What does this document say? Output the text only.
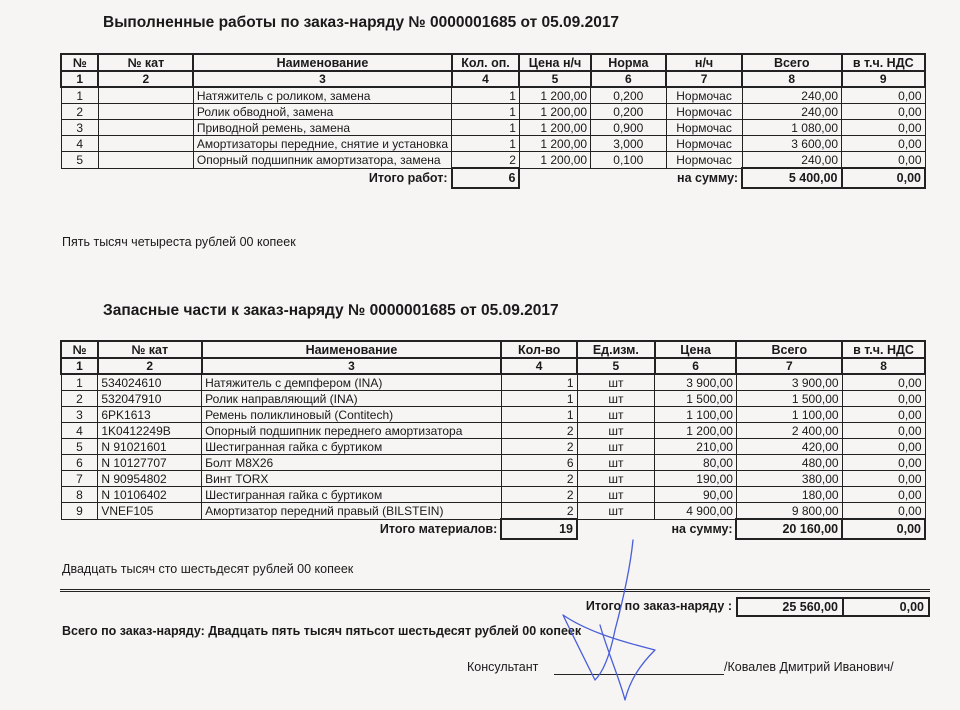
Выполненные работы по заказ-наряду № 0000001685 от 05.09.2017
№	№ кат	Наименование	Кол. оп.	Цена н/ч	Норма	н/ч	Всего	в т.ч. НДС
1	2	3	4	5	6	7	8	9
1		Натяжитель с роликом, замена	1	1 200,00	0,200	Нормочас	240,00	0,00
2		Ролик обводной, замена	1	1 200,00	0,200	Нормочас	240,00	0,00
3		Приводной ремень, замена	1	1 200,00	0,900	Нормочас	1 080,00	0,00
4		Амортизаторы передние, снятие и установка	1	1 200,00	3,000	Нормочас	3 600,00	0,00
5		Опорный подшипник амортизатора, замена	2	1 200,00	0,100	Нормочас	240,00	0,00
Итого работ:			6	на сумму:			5 400,00	0,00
Пять тысяч четыреста рублей 00 копеек
Запасные части к заказ-наряду № 0000001685 от 05.09.2017
№	№ кат	Наименование	Кол-во	Ед.изм.	Цена	Всего	в т.ч. НДС
1	2	3	4	5	6	7	8
1	534024610	Натяжитель с демпфером (INA)	1	шт	3 900,00	3 900,00	0,00
2	532047910	Ролик направляющий (INA)	1	шт	1 500,00	1 500,00	0,00
3	6PK1613	Ремень поликлиновый (Contitech)	1	шт	1 100,00	1 100,00	0,00
4	1K0412249B	Опорный подшипник переднего амортизатора	2	шт	1 200,00	2 400,00	0,00
5	N 91021601	Шестигранная гайка с буртиком	2	шт	210,00	420,00	0,00
6	N 10127707	Болт М8X26	6	шт	80,00	480,00	0,00
7	N 90954802	Винт TORX	2	шт	190,00	380,00	0,00
8	N 10106402	Шестигранная гайка с буртиком	2	шт	90,00	180,00	0,00
9	VNEF105	Амортизатор передний правый (BILSTEIN)	2	шт	4 900,00	9 800,00	0,00
Итого материалов:			19	на сумму:		20 160,00	0,00
Двадцать тысяч сто шестьдесят рублей 00 копеек
Итого по заказ-наряду :	25 560,00	0,00
Всего по заказ-наряду: Двадцать пять тысяч пятьсот шестьдесят рублей 00 копеек
Консультант	/Ковалев Дмитрий Иванович/
